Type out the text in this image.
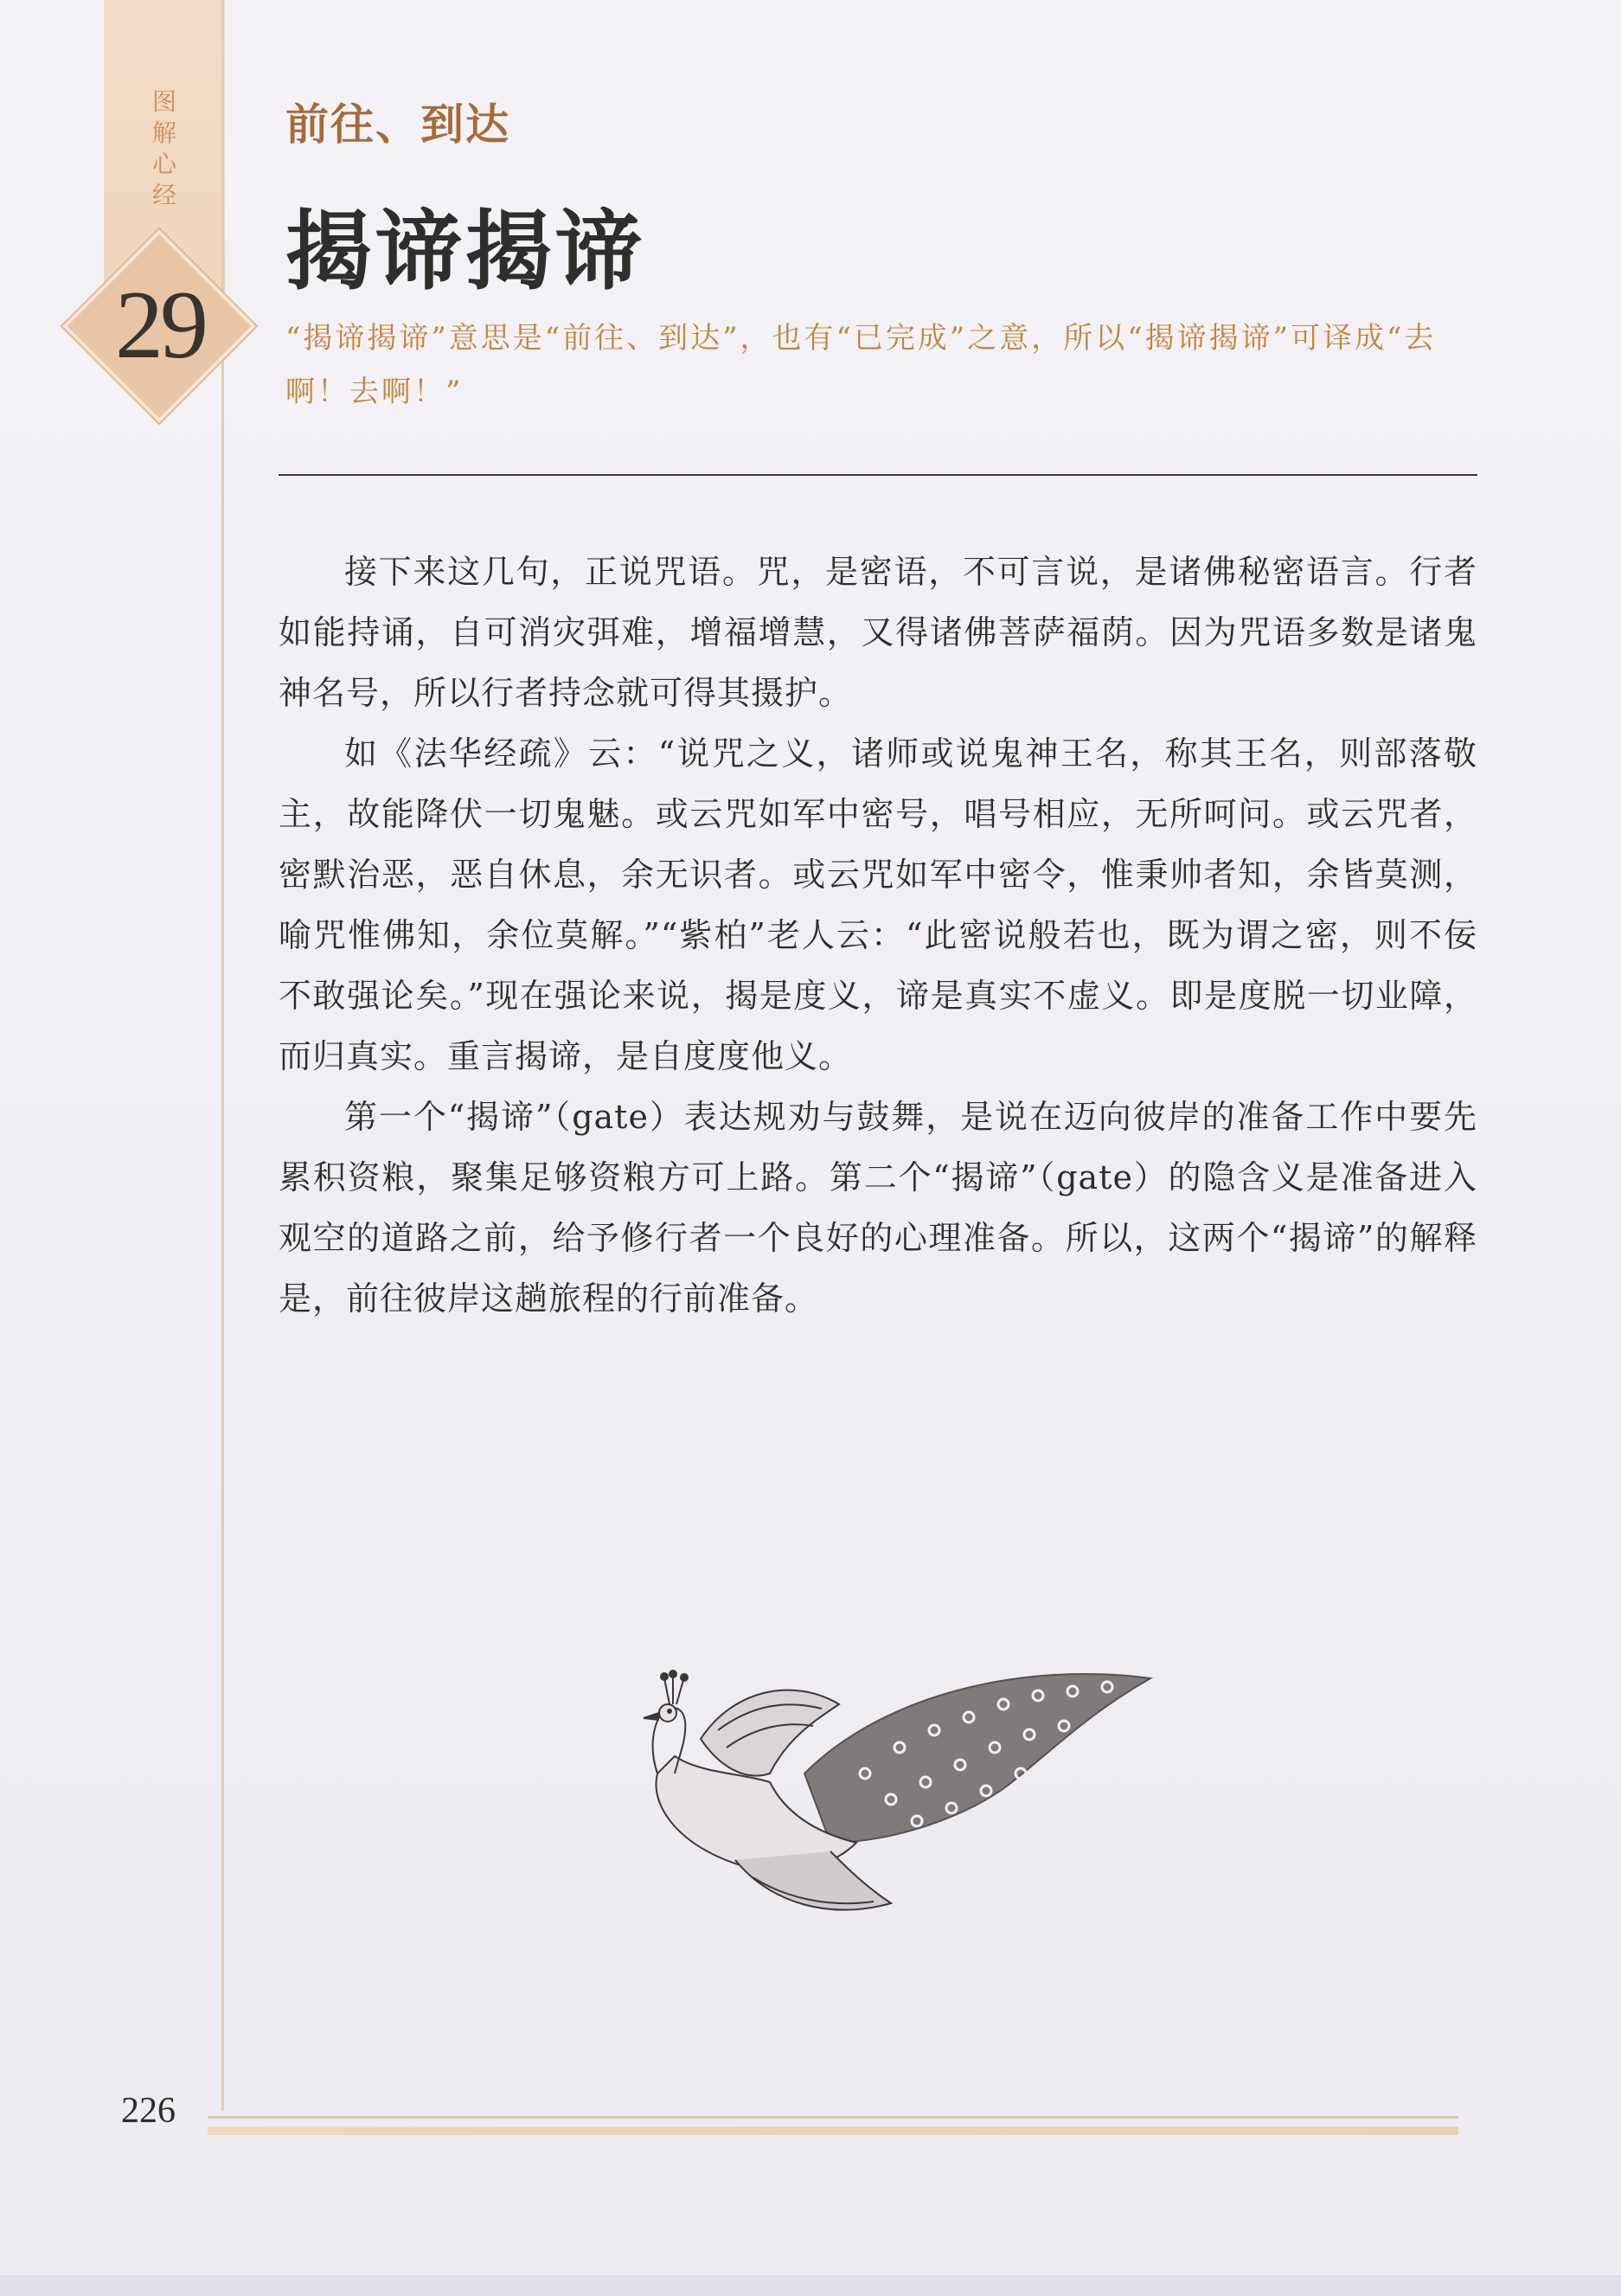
图
解
心
经
29
前往、到达
揭谛揭谛
“揭谛揭谛”意思是“前往、到达”，也有“已完成”之意，所以“揭谛揭谛”可译成“去啊！去啊！”

接下来这几句，正说咒语。咒，是密语，不可言说，是诸佛秘密语言。行者如能持诵，自可消灾弭难，增福增慧，又得诸佛菩萨福荫。因为咒语多数是诸鬼神名号，所以行者持念就可得其摄护。

如《法华经疏》云：“说咒之义，诸师或说鬼神王名，称其王名，则部落敬主，故能降伏一切鬼魅。或云咒如军中密号，唱号相应，无所呵问。或云咒者，密默治恶，恶自休息，余无识者。或云咒如军中密令，惟秉帅者知，余皆莫测，喻咒惟佛知，余位莫解。”“紫柏”老人云：“此密说般若也，既为谓之密，则不佞不敢强论矣。”现在强论来说，揭是度义，谛是真实不虚义。即是度脱一切业障，而归真实。重言揭谛，是自度度他义。

第一个“揭谛”（gate）表达规劝与鼓舞，是说在迈向彼岸的准备工作中要先累积资粮，聚集足够资粮方可上路。第二个“揭谛”（gate）的隐含义是准备进入观空的道路之前，给予修行者一个良好的心理准备。所以，这两个“揭谛”的解释是，前往彼岸这趟旅程的行前准备。

226
